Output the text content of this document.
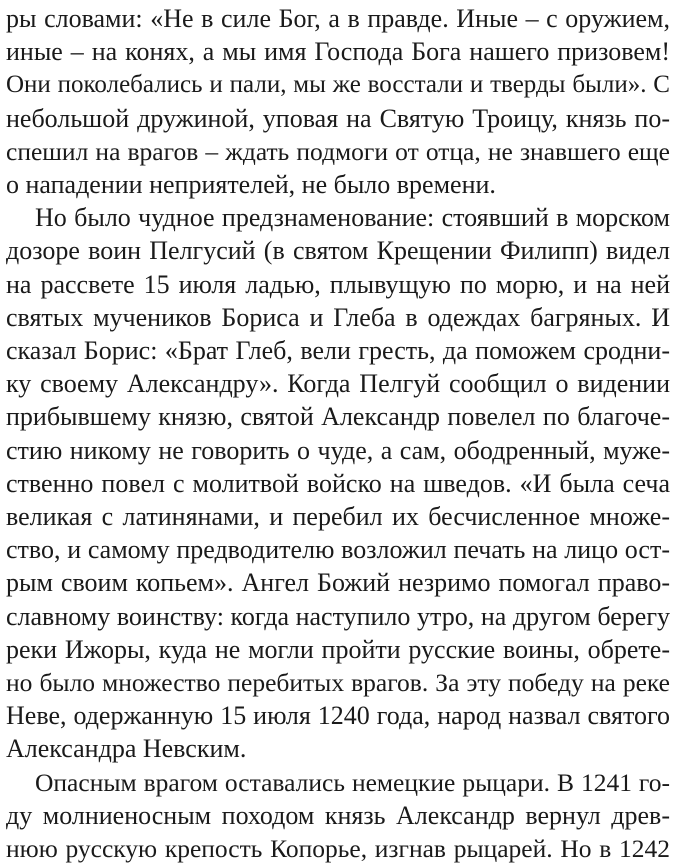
ры словами: «Не в силе Бог, а в правде. Иные – с оружием,
иные – на конях, а мы имя Господа Бога нашего призовем!
Они поколебались и пали, мы же восстали и тверды были». С
небольшой дружиной, уповая на Святую Троицу, князь по-
спешил на врагов – ждать подмоги от отца, не знавшего еще
о нападении неприятелей, не было времени.
Но было чудное предзнаменование: стоявший в морском
дозоре воин Пелгусий (в святом Крещении Филипп) видел
на рассвете 15 июля ладью, плывущую по морю, и на ней
святых мучеников Бориса и Глеба в одеждах багряных. И
сказал Борис: «Брат Глеб, вели гресть, да поможем сродни-
ку своему Александру». Когда Пелгуй сообщил о видении
прибывшему князю, святой Александр повелел по благоче-
стию никому не говорить о чуде, а сам, ободренный, муже-
ственно повел с молитвой войско на шведов. «И была сеча
великая с латинянами, и перебил их бесчисленное множе-
ство, и самому предводителю возложил печать на лицо ост-
рым своим копьем». Ангел Божий незримо помогал право-
славному воинству: когда наступило утро, на другом берегу
реки Ижоры, куда не могли пройти русские воины, обрете-
но было множество перебитых врагов. За эту победу на реке
Неве, одержанную 15 июля 1240 года, народ назвал святого
Александра Невским.
Опасным врагом оставались немецкие рыцари. В 1241 го-
ду молниеносным походом князь Александр вернул древ-
нюю русскую крепость Копорье, изгнав рыцарей. Но в 1242
